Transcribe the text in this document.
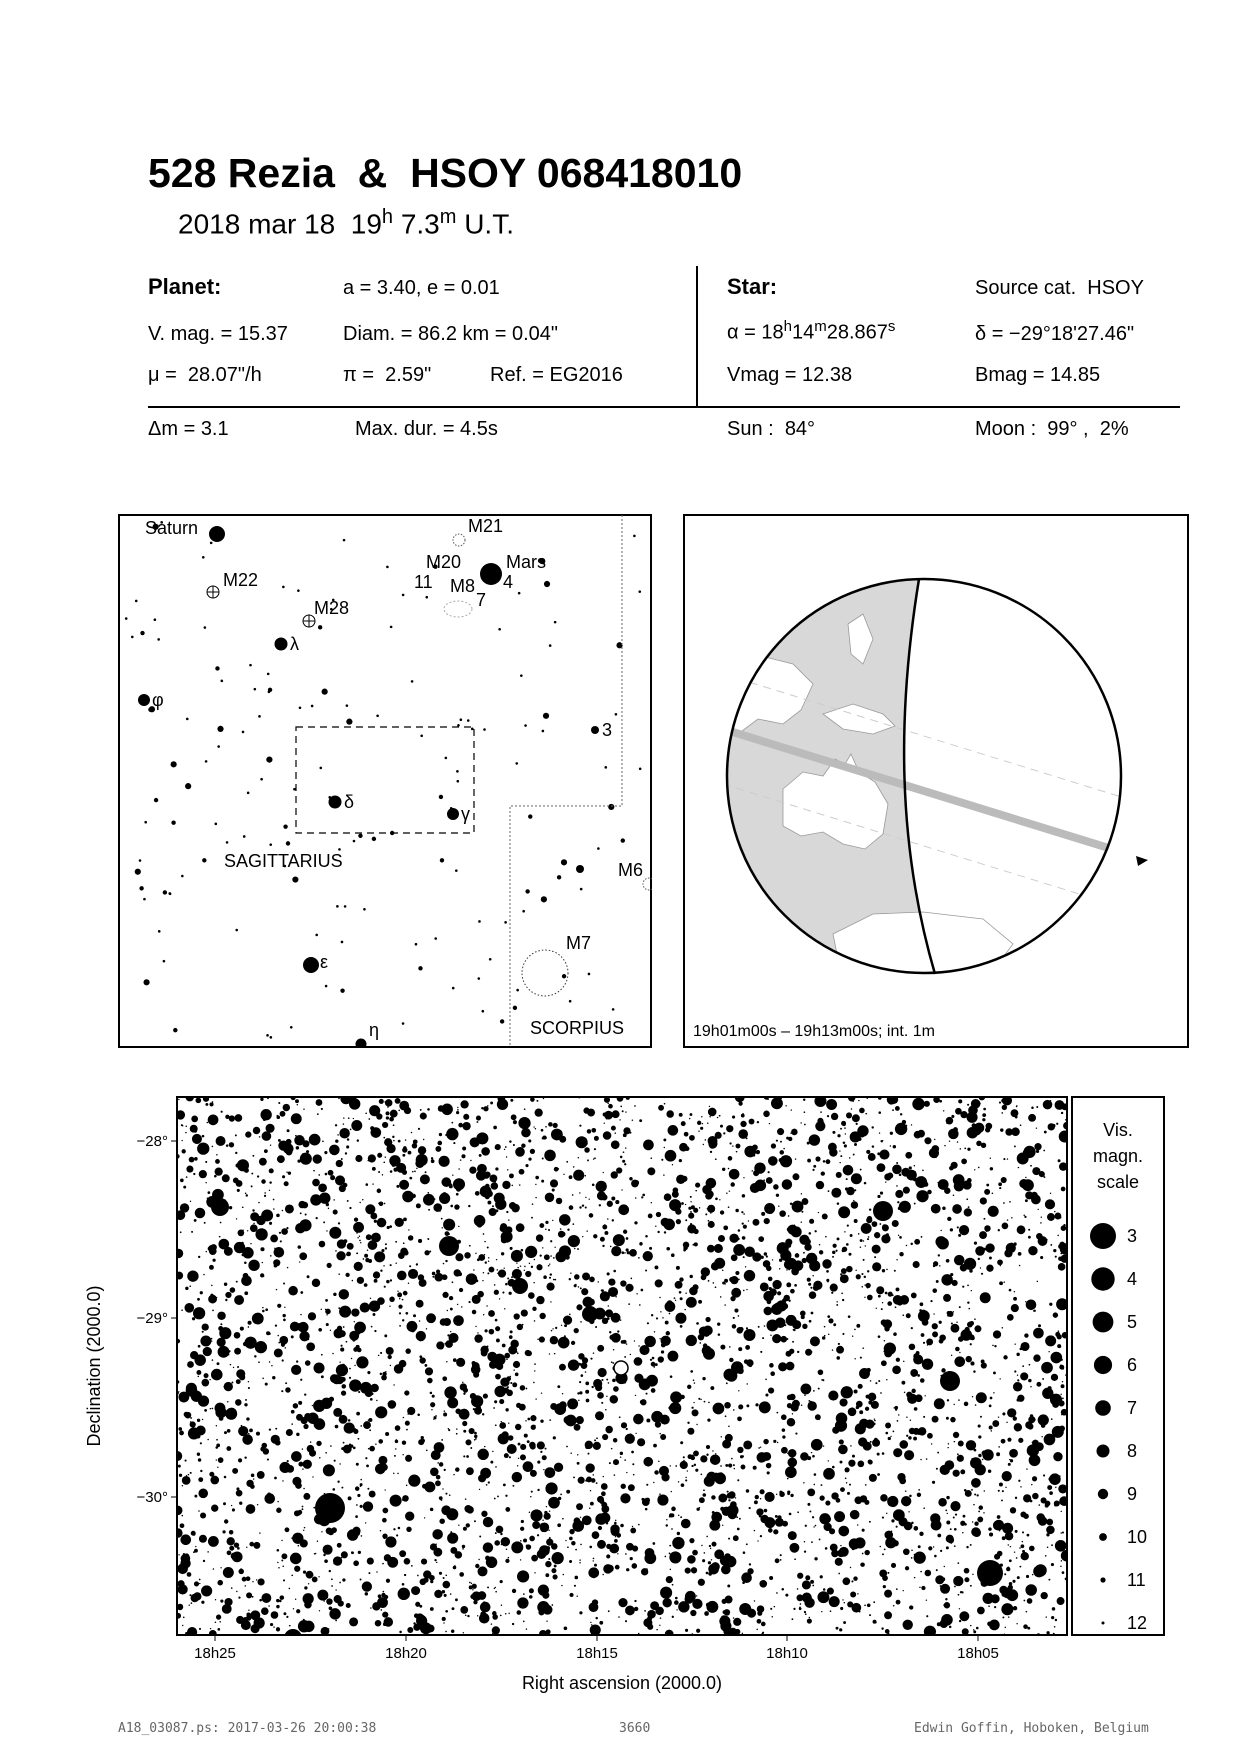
528 Rezia  &  HSOY 068418010
2018 mar 18  19$^h$ 7.3$^m$ U.T.
Planet:	a = 3.40, e = 0.01
V. mag. = 15.37	Diam. = 86.2 km = 0.04"
μ =  28.07"/h	π =  2.59"	Ref. = EG2016
Δm = 3.1	Max. dur. = 4.5s
Star:	Source cat.  HSOY
$\alpha = 18^h14^m28.867^s$	δ = −29°18'27.46"
Vmag = 12.38	Bmag = 14.85
Sun :  84°	Moon :  99° ,  2%
Saturn	M21
M20 Mars
M22	11 M8
7
4
M28
λ
φ
3
δ
γ
SAGITTARIUS	M6
M7
ε
η	SCORPIUS	19h01m00s – 19h13m00s; int. 1m
−28°
−29°
−30°
18h25	18h20	18h15	18h10	18h05
Right ascension (2000.0)
Declination (2000.0)
Vis.
magn.
scale
3
4
5
6
7
8
9
10
11
12
A18_03087.ps: 2017-03-26 20:00:38	3660	Edwin Goffin, Hoboken, Belgium
